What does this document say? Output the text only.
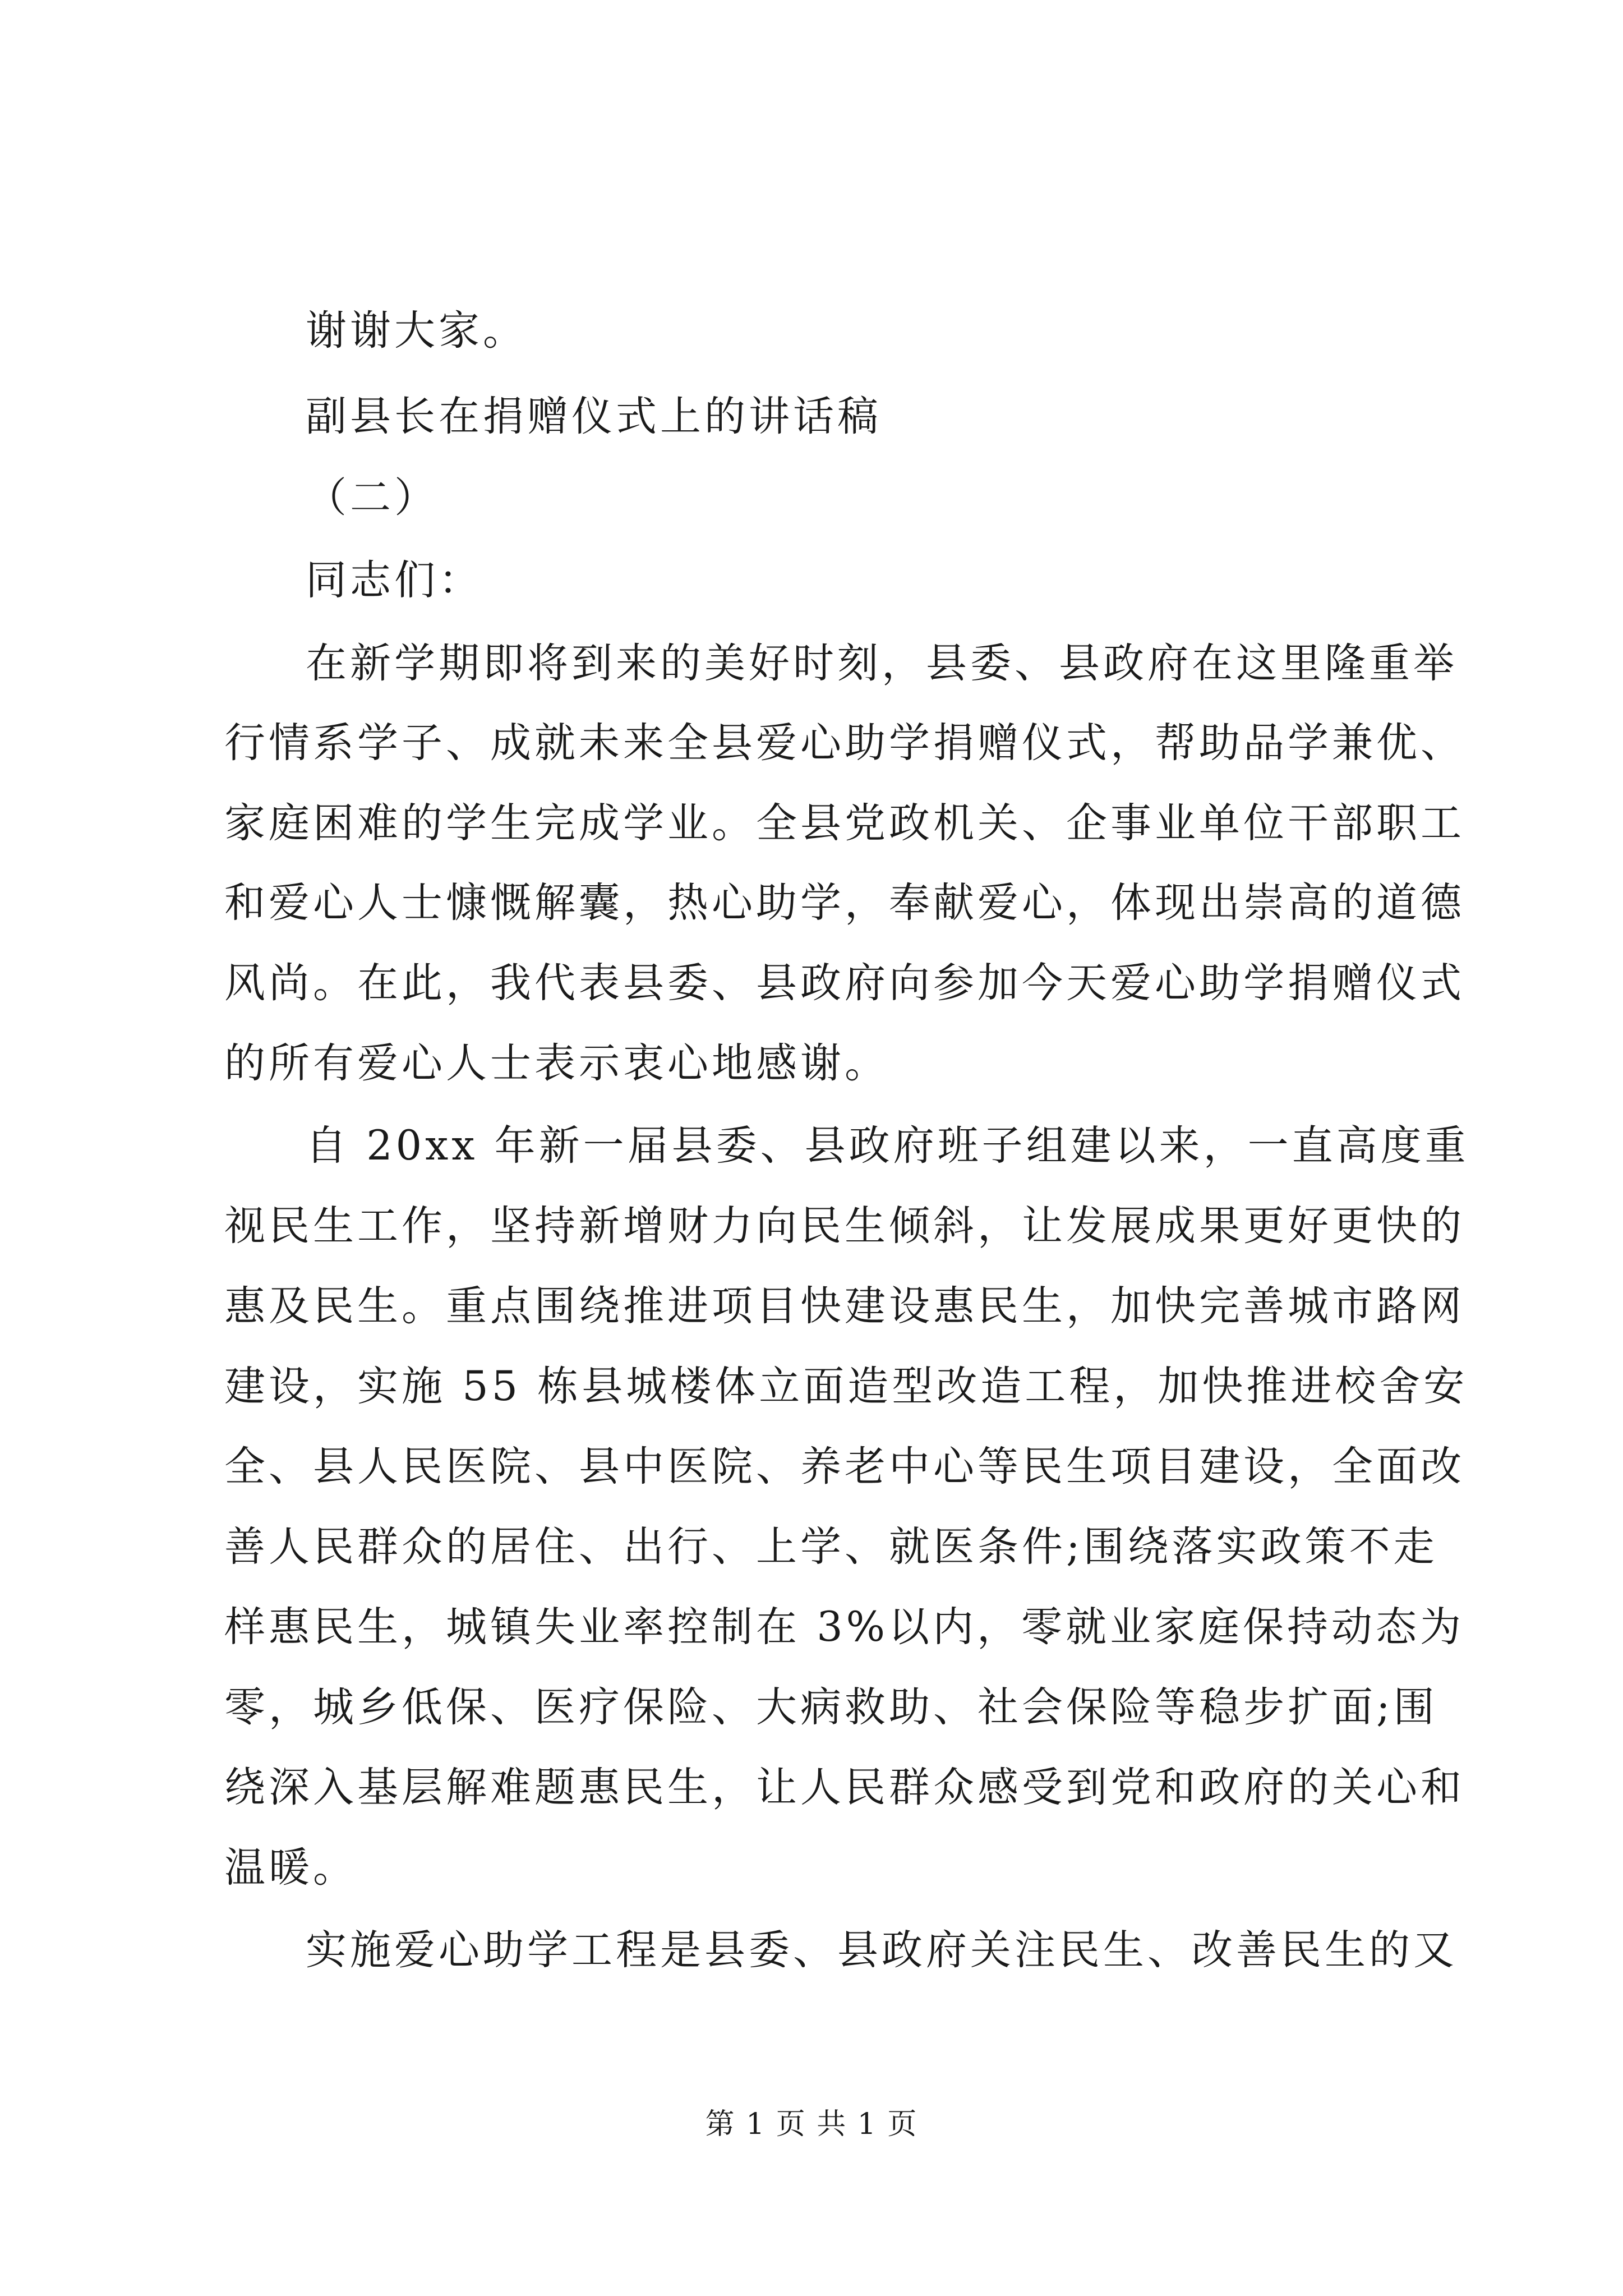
谢谢大家。
副县长在捐赠仪式上的讲话稿
（二）
同志们：
在新学期即将到来的美好时刻，县委、县政府在这里隆重举
行情系学子、成就未来全县爱心助学捐赠仪式，帮助品学兼优、
家庭困难的学生完成学业。全县党政机关、企事业单位干部职工
和爱心人士慷慨解囊，热心助学，奉献爱心，体现出崇高的道德
风尚。在此，我代表县委、县政府向参加今天爱心助学捐赠仪式
的所有爱心人士表示衷心地感谢。
自 20xx 年新一届县委、县政府班子组建以来，一直高度重
视民生工作，坚持新增财力向民生倾斜，让发展成果更好更快的
惠及民生。重点围绕推进项目快建设惠民生，加快完善城市路网
建设，实施 55 栋县城楼体立面造型改造工程，加快推进校舍安
全、县人民医院、县中医院、养老中心等民生项目建设，全面改
善人民群众的居住、出行、上学、就医条件;围绕落实政策不走
样惠民生，城镇失业率控制在 3%以内，零就业家庭保持动态为
零，城乡低保、医疗保险、大病救助、社会保险等稳步扩面;围
绕深入基层解难题惠民生，让人民群众感受到党和政府的关心和
温暖。
实施爱心助学工程是县委、县政府关注民生、改善民生的又
第 1 页 共 1 页
